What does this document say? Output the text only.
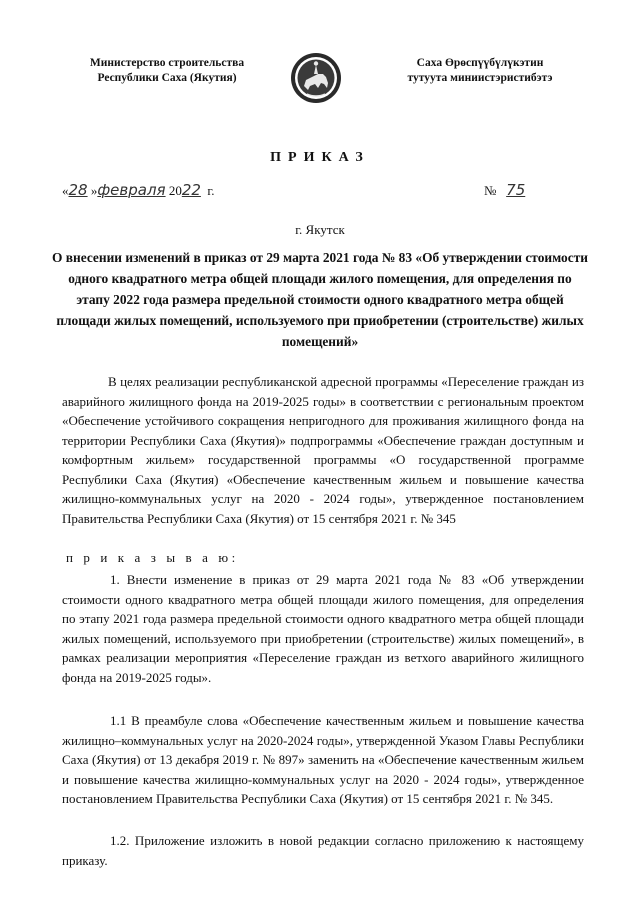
Министерство строительства
Республики Саха (Якутия)
Саха Өрөспүүбүлүкэтин
тутуута миниистэристибэтэ
ПРИКАЗ
«28 »февраля 2022 г.	№ 75
г. Якутск
О внесении изменений в приказ от 29 марта 2021 года № 83 «Об утверждении стоимости одного квадратного метра общей площади жилого помещения, для определения по этапу 2022 года размера предельной стоимости одного квадратного метра общей площади жилых помещений, используемого при приобретении (строительстве) жилых помещений»
В целях реализации республиканской адресной программы «Переселение граждан из аварийного жилищного фонда на 2019-2025 годы» в соответствии с региональным проектом «Обеспечение устойчивого сокращения непригодного для проживания жилищного фонда на территории Республики Саха (Якутия)» подпрограммы «Обеспечение граждан доступным и комфортным жильем» государственной программы «О государственной программе Республики Саха (Якутия) «Обеспечение качественным жильем и повышение качества жилищно-коммунальных услуг на 2020 - 2024 годы», утвержденное постановлением Правительства Республики Саха (Якутия) от 15 сентября 2021 г. № 345
п р и к а з ы в а ю:
1. Внести изменение в приказ от 29 марта 2021 года № 83 «Об утверждении стоимости одного квадратного метра общей площади жилого помещения, для определения по этапу 2021 года размера предельной стоимости одного квадратного метра общей площади жилых помещений, используемого при приобретении (строительстве) жилых помещений», в рамках реализации мероприятия «Переселение граждан из ветхого аварийного жилищного фонда на 2019-2025 годы».
1.1 В преамбуле слова «Обеспечение качественным жильем и повышение качества жилищно–коммунальных услуг на 2020-2024 годы», утвержденной Указом Главы Республики Саха (Якутия) от 13 декабря 2019 г. № 897» заменить на «Обеспечение качественным жильем и повышение качества жилищно-коммунальных услуг на 2020 - 2024 годы», утвержденное постановлением Правительства Республики Саха (Якутия) от 15 сентября 2021 г. № 345.
1.2. Приложение изложить в новой редакции согласно приложению к настоящему приказу.
